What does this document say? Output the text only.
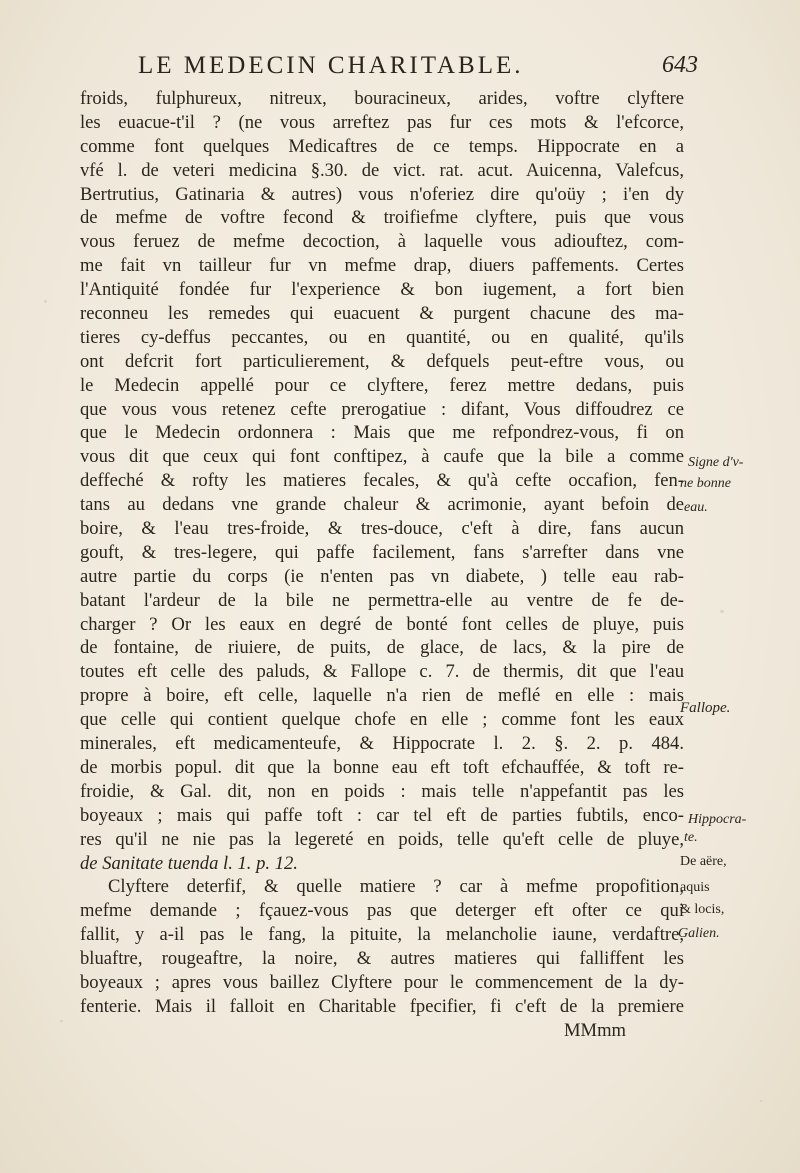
LE MEDECIN CHARITABLE.	643
froids, fulphureux, nitreux, bouracineux, arides, voftre clyftere
les euacue-t'il ? (ne vous arreftez pas fur ces mots & l'efcorce,
comme font quelques Medicaftres de ce temps. Hippocrate en a
vfé l. de veteri medicina §.30. de vict. rat. acut. Auicenna, Valefcus,
Bertrutius, Gatinaria & autres) vous n'oferiez dire qu'oüy ; i'en dy
de mefme de voftre fecond & troifiefme clyftere, puis que vous
vous feruez de mefme decoction, à laquelle vous adiouftez, com-
me fait vn tailleur fur vn mefme drap, diuers paffements. Certes
l'Antiquité fondée fur l'experience & bon iugement, a fort bien
reconneu les remedes qui euacuent & purgent chacune des ma-
tieres cy-deffus peccantes, ou en quantité, ou en qualité, qu'ils
ont defcrit fort particulierement, & defquels peut-eftre vous, ou
le Medecin appellé pour ce clyftere, ferez mettre dedans, puis
que vous vous retenez cefte prerogatiue : difant, Vous diffoudrez ce
que le Medecin ordonnera : Mais que me refpondrez-vous, fi on
vous dit que ceux qui font conftipez, à caufe que la bile a comme
deffeché & rofty les matieres fecales, & qu'à cefte occafion, fen-
tans au dedans vne grande chaleur & acrimonie, ayant befoin de
boire, & l'eau tres-froide, & tres-douce, c'eft à dire, fans aucun
gouft, & tres-legere, qui paffe facilement, fans s'arrefter dans vne
autre partie du corps (ie n'enten pas vn diabete, ) telle eau rab-
batant l'ardeur de la bile ne permettra-elle au ventre de fe de-
charger ? Or les eaux en degré de bonté font celles de pluye, puis
de fontaine, de riuiere, de puits, de glace, de lacs, & la pire de
toutes eft celle des paluds, & Fallope c. 7. de thermis, dit que l'eau
propre à boire, eft celle, laquelle n'a rien de meflé en elle : mais
que celle qui contient quelque chofe en elle ; comme font les eaux
minerales, eft medicamenteufe, & Hippocrate l. 2. §. 2. p. 484.
de morbis popul. dit que la bonne eau eft toft efchauffée, & toft re-
froidie, & Gal. dit, non en poids : mais telle n'appefantit pas les
boyeaux ; mais qui paffe toft : car tel eft de parties fubtils, enco-
res qu'il ne nie pas la legereté en poids, telle qu'eft celle de pluye,
de Sanitate tuenda l. 1. p. 12.
Clyftere deterfif, & quelle matiere ? car à mefme propofition,
mefme demande ; fçauez-vous pas que deterger eft ofter ce qui
fallit, y a-il pas le fang, la pituite, la melancholie iaune, verdaftre,
bluaftre, rougeaftre, la noire, & autres matieres qui falliffent les
boyeaux ; apres vous baillez Clyftere pour le commencement de la dy-
fenterie. Mais il falloit en Charitable fpecifier, fi c'eft de la premiere
MMmm
Signe d'v-
ne bonne
eau.
Fallope.
Hippocra-
te.
De aëre,
aquis
& locis,
Galien.
